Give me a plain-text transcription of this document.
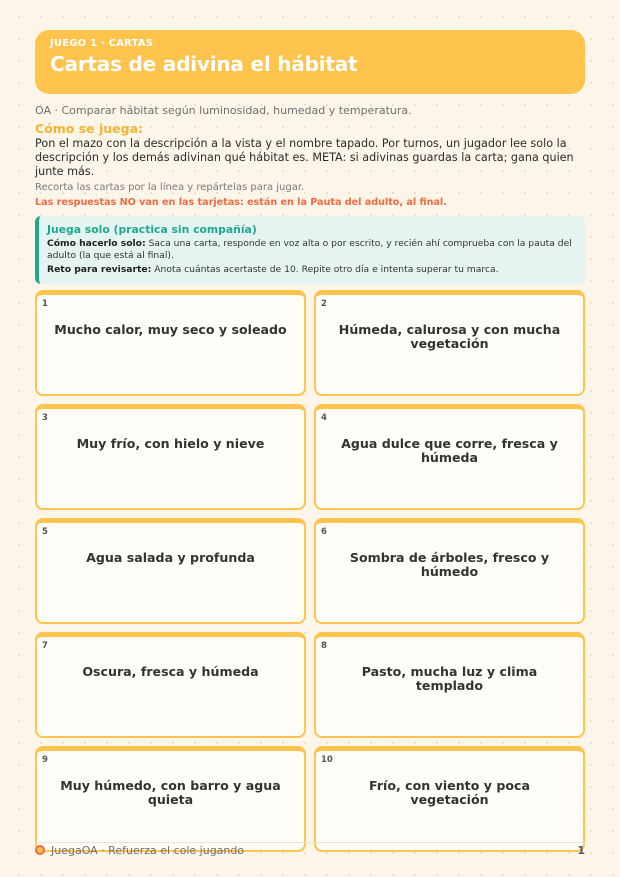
JUEGO 1 · CARTAS
Cartas de adivina el hábitat
OA · Comparar hábitat según luminosidad, humedad y temperatura.
Cómo se juega:
Pon el mazo con la descripción a la vista y el nombre tapado. Por turnos, un jugador lee solo la descripción y los demás adivinan qué hábitat es. META: si adivinas guardas la carta; gana quien junte más.
Recorta las cartas por la línea y repártelas para jugar.
Las respuestas NO van en las tarjetas: están en la Pauta del adulto, al final.
Juega solo (practica sin compañía)
Cómo hacerlo solo: Saca una carta, responde en voz alta o por escrito, y recién ahí comprueba con la pauta del adulto (la que está al final).
Reto para revisarte: Anota cuántas acertaste de 10. Repite otro día e intenta superar tu marca.
1
Mucho calor, muy seco y soleado
2
Húmeda, calurosa y con mucha vegetación
3
Muy frío, con hielo y nieve
4
Agua dulce que corre, fresca y húmeda
5
Agua salada y profunda
6
Sombra de árboles, fresco y húmedo
7
Oscura, fresca y húmeda
8
Pasto, mucha luz y clima templado
9
Muy húmedo, con barro y agua quieta
10
Frío, con viento y poca vegetación
JuegaOA · Refuerza el cole jugando	1
